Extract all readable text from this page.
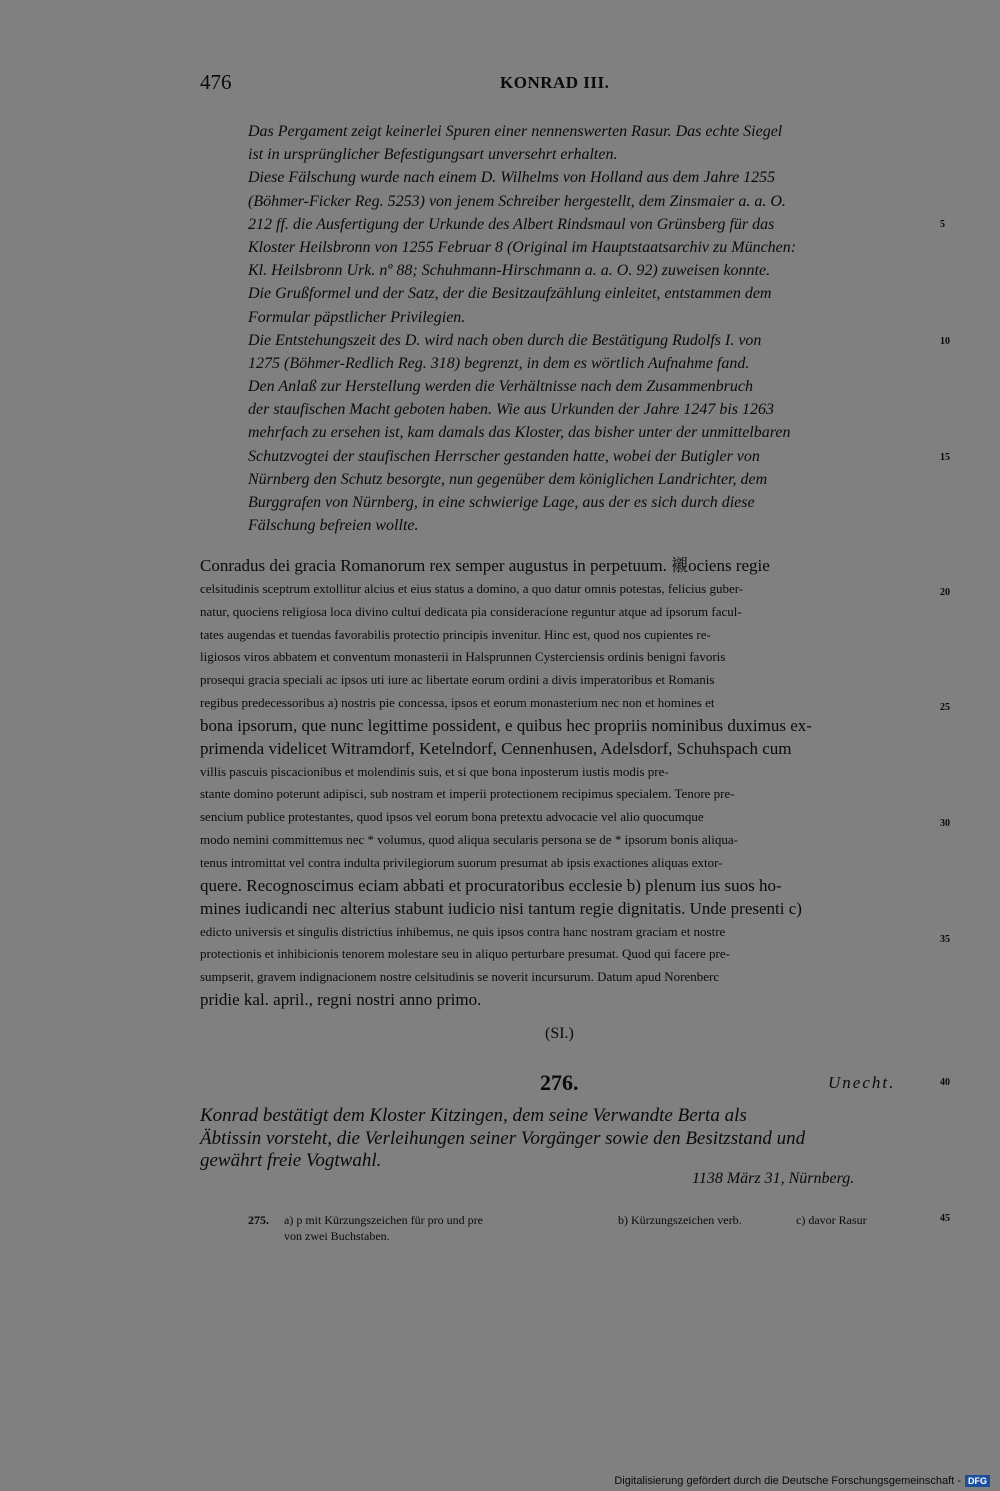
476	KONRAD III.
Das Pergament zeigt keinerlei Spuren einer nennenswerten Rasur. Das echte Siegel
ist in ursprünglicher Befestigungsart unversehrt erhalten.
Diese Fälschung wurde nach einem D. Wilhelms von Holland aus dem Jahre 1255
(Böhmer-Ficker Reg. 5253) von jenem Schreiber hergestellt, dem Zinsmaier a. a. O.
212 ff. die Ausfertigung der Urkunde des Albert Rindsmaul von Grünsberg für das
Kloster Heilsbronn von 1255 Februar 8 (Original im Hauptstaatsarchiv zu München:
Kl. Heilsbronn Urk. nº 88; Schuhmann-Hirschmann a. a. O. 92) zuweisen konnte.
Die Grußformel und der Satz, der die Besitzaufzählung einleitet, entstammen dem
Formular päpstlicher Privilegien.
Die Entstehungszeit des D. wird nach oben durch die Bestätigung Rudolfs I. von
1275 (Böhmer-Redlich Reg. 318) begrenzt, in dem es wörtlich Aufnahme fand.
Den Anlaß zur Herstellung werden die Verhältnisse nach dem Zusammenbruch
der staufischen Macht geboten haben. Wie aus Urkunden der Jahre 1247 bis 1263
mehrfach zu ersehen ist, kam damals das Kloster, das bisher unter der unmittelbaren
Schutzvogtei der staufischen Herrscher gestanden hatte, wobei der Butigler von
Nürnberg den Schutz besorgte, nun gegenüber dem königlichen Landrichter, dem
Burggrafen von Nürnberg, in eine schwierige Lage, aus der es sich durch diese
Fälschung befreien wollte.
Conradus dei gracia Romanorum rex semper augustus in perpetuum. 襯ociens regie
celsitudinis sceptrum extollitur alcius et eius status a domino, a quo datur omnis potestas, felicius guber-
natur, quociens religiosa loca divino cultui dedicata pia consideracione reguntur atque ad ipsorum facul-
tates augendas et tuendas favorabilis protectio principis invenitur. Hinc est, quod nos cupientes re-
ligiosos viros abbatem et conventum monasterii in Halsprunnen Cysterciensis ordinis benigni favoris
prosequi gracia speciali ac ipsos uti iure ac libertate eorum ordini a divis imperatoribus et Romanis
regibus predecessoribus a) nostris pie concessa, ipsos et eorum monasterium nec non et homines et
bona ipsorum, que nunc legittime possident, e quibus hec propriis nominibus duximus ex-
primenda videlicet Witramdorf, Ketelndorf, Cennenhusen, Adelsdorf, Schuhspach cum
villis pascuis piscacionibus et molendinis suis, et si que bona inposterum iustis modis pre-
stante domino poterunt adipisci, sub nostram et imperii protectionem recipimus specialem. Tenore pre-
sencium publice protestantes, quod ipsos vel eorum bona pretextu advocacie vel alio quocumque
modo nemini committemus nec * volumus, quod aliqua secularis persona se de * ipsorum bonis aliqua-
tenus intromittat vel contra indulta privilegiorum suorum presumat ab ipsis exactiones aliquas extor-
quere. Recognoscimus eciam abbati et procuratoribus ecclesie b) plenum ius suos ho-
mines iudicandi nec alterius stabunt iudicio nisi tantum regie dignitatis. Unde presenti c)
edicto universis et singulis districtius inhibemus, ne quis ipsos contra hanc nostram graciam et nostre
protectionis et inhibicionis tenorem molestare seu in aliquo perturbare presumat. Quod qui facere pre-
sumpserit, gravem indignacionem nostre celsitudinis se noverit incursurum. Datum apud Norenberc
pridie kal. april., regni nostri anno primo.
(SI.)
5
10
15
20
25
30
35
40
45
276.	Unecht.
Konrad bestätigt dem Kloster Kitzingen, dem seine Verwandte Berta als
Äbtissin vorsteht, die Verleihungen seiner Vorgänger sowie den Besitzstand und
gewährt freie Vogtwahl.
1138 März 31, Nürnberg.
275. a) p mit Kürzungszeichen für pro und pre	b) Kürzungszeichen verb.	c) davor Rasur
von zwei Buchstaben.
Digitalisierung gefördert durch die Deutsche Forschungsgemeinschaft - DFG
